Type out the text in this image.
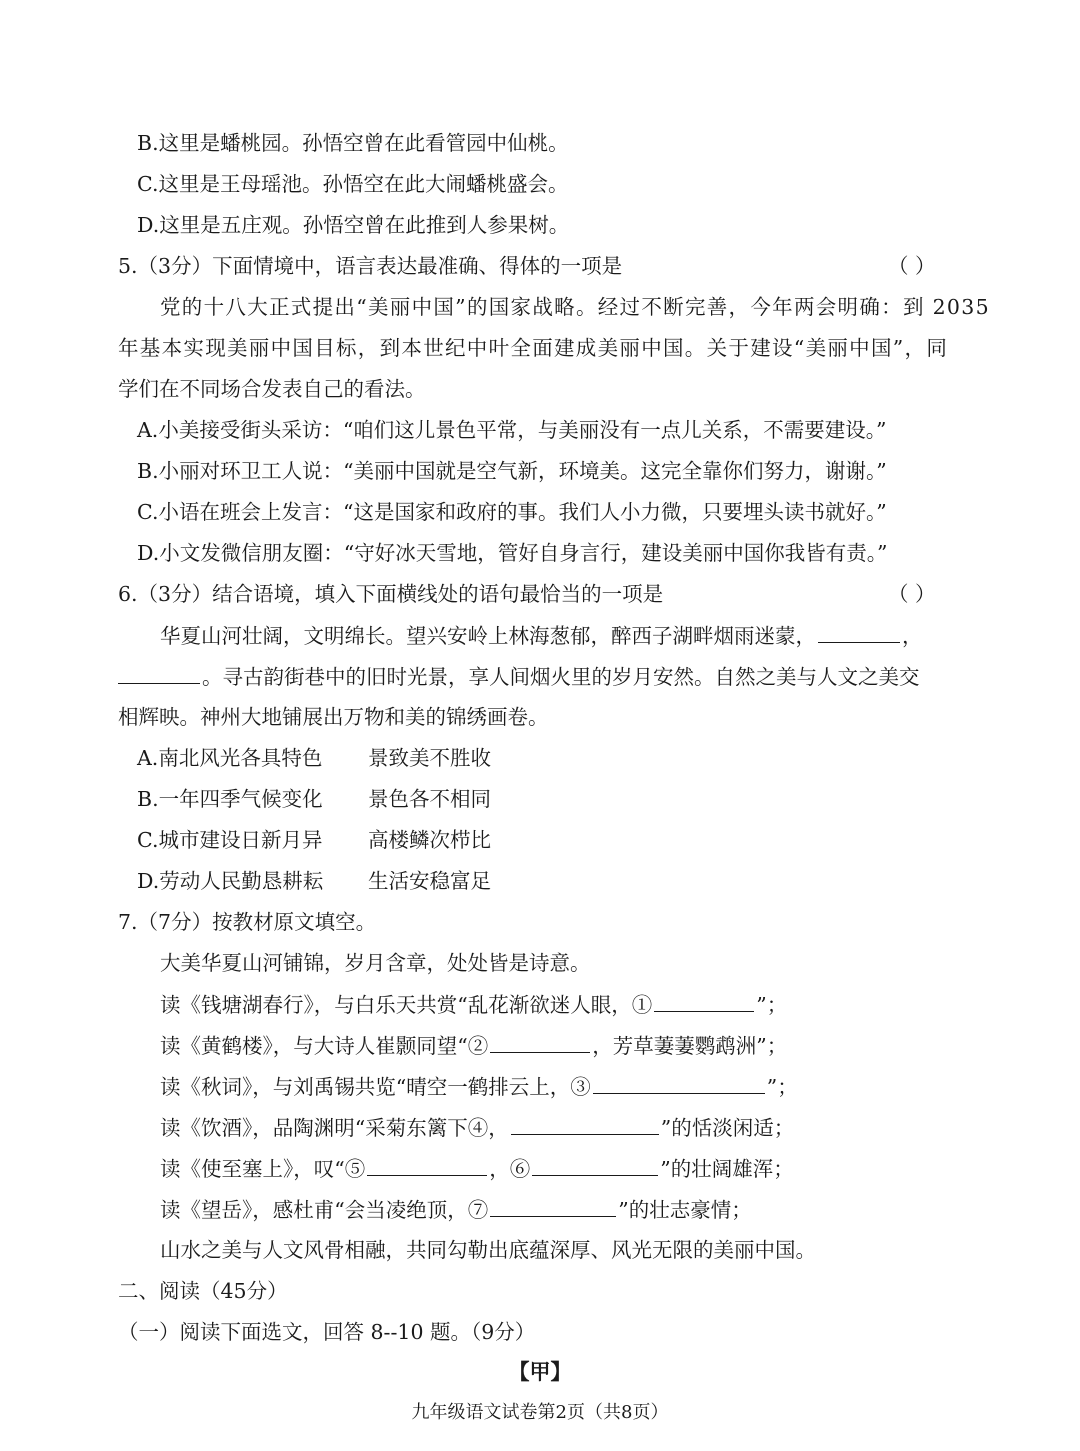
B.这里是蟠桃园。孙悟空曾在此看管园中仙桃。
C.这里是王母瑶池。孙悟空在此大闹蟠桃盛会。
D.这里是五庄观。孙悟空曾在此推到人参果树。
5.（3分）下面情境中，语言表达最准确、得体的一项是	（ ）
党的十八大正式提出“美丽中国”的国家战略。经过不断完善，今年两会明确：到 2035
年基本实现美丽中国目标，到本世纪中叶全面建成美丽中国。关于建设“美丽中国”，同
学们在不同场合发表自己的看法。
A.小美接受街头采访：“咱们这儿景色平常，与美丽没有一点儿关系，不需要建设。”
B.小丽对环卫工人说：“美丽中国就是空气新，环境美。这完全靠你们努力，谢谢。”
C.小语在班会上发言：“这是国家和政府的事。我们人小力微，只要埋头读书就好。”
D.小文发微信朋友圈：“守好冰天雪地，管好自身言行，建设美丽中国你我皆有责。”
6.（3分）结合语境，填入下面横线处的语句最恰当的一项是	（ ）
华夏山河壮阔，文明绵长。望兴安岭上林海葱郁，醉西子湖畔烟雨迷蒙，	，
。寻古韵街巷中的旧时光景，享人间烟火里的岁月安然。自然之美与人文之美交
相辉映。神州大地铺展出万物和美的锦绣画卷。
A.南北风光各具特色 景致美不胜收
B.一年四季气候变化 景色各不相同
C.城市建设日新月异 高楼鳞次栉比
D.劳动人民勤恳耕耘 生活安稳富足
7.（7分）按教材原文填空。
大美华夏山河铺锦，岁月含章，处处皆是诗意。
读《钱塘湖春行》，与白乐天共赏“乱花渐欲迷人眼，①	”；
读《黄鹤楼》，与大诗人崔颢同望“②	，芳草萋萋鹦鹉洲”；
读《秋词》，与刘禹锡共览“晴空一鹤排云上，③	”；
读《饮酒》，品陶渊明“采菊东篱下④，	”的恬淡闲适；
读《使至塞上》，叹“⑤	，⑥	”的壮阔雄浑；
读《望岳》，感杜甫“会当凌绝顶，⑦	”的壮志豪情；
山水之美与人文风骨相融，共同勾勒出底蕴深厚、风光无限的美丽中国。
二、阅读（45分）
（一）阅读下面选文，回答 8--10 题。（9分）
【甲】
九年级语文试卷第2页（共8页）
